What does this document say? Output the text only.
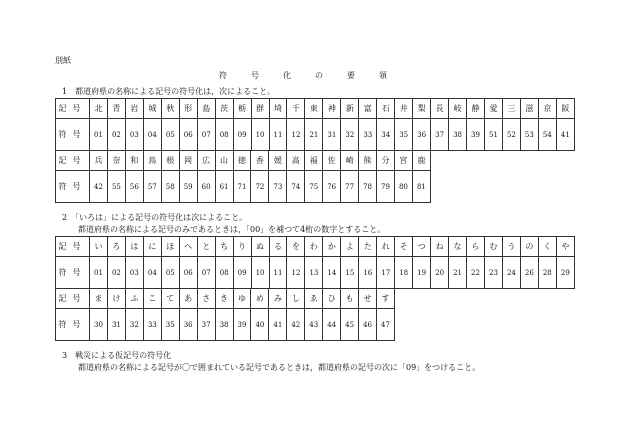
別紙
符号化の要領
1　都道府県の名称による記号の符号化は，次によること。
記号	北	青	岩	城	秋	形	島	茨	栃	群	埼	千	東	神	新	富	石	井	梨	長	岐	静	愛	三	滋	京	阪
符号	01	02	03	04	05	06	07	08	09	10	11	12	21	31	32	33	34	35	36	37	38	39	51	52	53	54	41
記号	兵	奈	和	鳥	根	岡	広	山	徳	香	媛	高	福	佐	崎	熊	分	宮	鹿
符号	42	55	56	57	58	59	60	61	71	72	73	74	75	76	77	78	79	80	81
2　「いろは」による記号の符号化は次によること。
都道府県の名称による記号のみであるときは，「00」を補つて4桁の数字とすること。
記号	い	ろ	は	に	ほ	へ	と	ち	り	ぬ	る	を	わ	か	よ	た	れ	そ	つ	ね	な	ら	む	う	の	く	や
符号	01	02	03	04	05	06	07	08	09	10	11	12	13	14	15	16	17	18	19	20	21	22	23	24	26	28	29
記号	ま	け	ふ	こ	て	あ	さ	き	ゆ	め	み	し	ゑ	ひ	も	せ	す
符号	30	31	32	33	35	36	37	38	39	40	41	42	43	44	45	46	47
3　戦災による仮記号の符号化
都道府県の名称による記号が〇で囲まれている記号であるときは，都道府県の記号の次に「09」をつけること。
